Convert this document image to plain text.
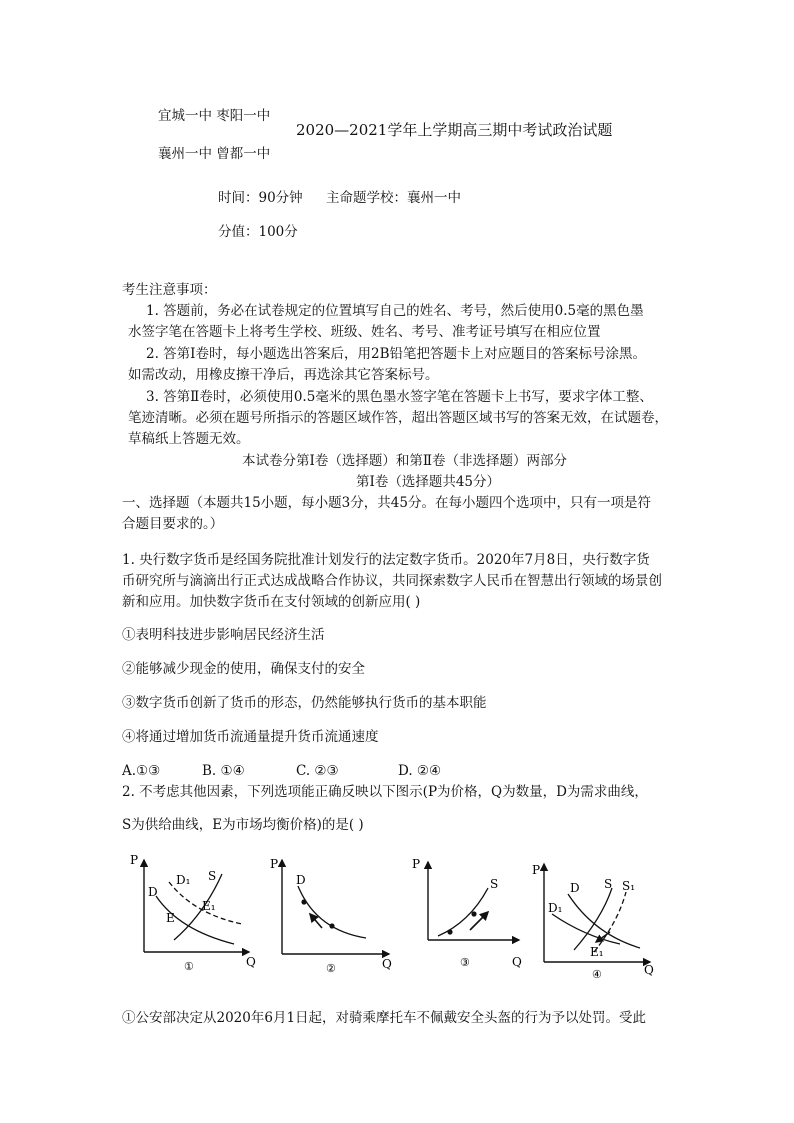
宜城一中 枣阳一中
2020—2021学年上学期高三期中考试政治试题
襄州一中 曾都一中
时间：90分钟 主命题学校：襄州一中
分值：100分
考生注意事项：
1. 答题前，务必在试卷规定的位置填写自己的姓名、考号，然后使用0.5毫的黑色墨
水签字笔在答题卡上将考生学校、班级、姓名、考号、准考证号填写在相应位置
2. 答第Ⅰ卷时，每小题选出答案后，用2B铅笔把答题卡上对应题目的答案标号涂黑。
如需改动，用橡皮擦干净后，再选涂其它答案标号。
3. 答第Ⅱ卷时，必须使用0.5毫米的黑色墨水签字笔在答题卡上书写，要求字体工整、
笔迹清晰。必须在题号所指示的答题区域作答，超出答题区域书写的答案无效，在试题卷，
草稿纸上答题无效。
本试卷分第Ⅰ卷（选择题）和第Ⅱ卷（非选择题）两部分
第Ⅰ卷（选择题共45分）
一、选择题（本题共15小题，每小题3分，共45分。在每小题四个选项中，只有一项是符
合题目要求的。）
1. 央行数字货币是经国务院批准计划发行的法定数字货币。2020年7月8日，央行数字货
币研究所与滴滴出行正式达成战略合作协议，共同探索数字人民币在智慧出行领域的场景创
新和应用。加快数字货币在支付领域的创新应用( )
①表明科技进步影响居民经济生活
②能够减少现金的使用，确保支付的安全
③数字货币创新了货币的形态，仍然能够执行货币的基本职能
④将通过增加货币流通量提升货币流通速度
A.①③	B. ①④	C. ②③	D. ②④
2. 不考虑其他因素，下列选项能正确反映以下图示(P为价格，Q为数量，D为需求曲线，
S为供给曲线，E为市场均衡价格)的是( )
P
Q
D
D₁ S
E
E₁
①
P
Q
D
②
P
Q
S
③
P
Q
D
D₁
S S₁
E₁
④
①公安部决定从2020年6月1日起，对骑乘摩托车不佩戴安全头盔的行为予以处罚。受此
